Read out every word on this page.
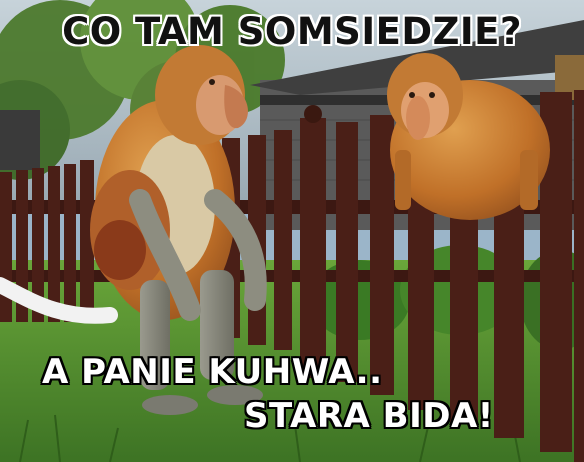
CO TAM SOMSIEDZIE?
A PANIE KUHWA..
STARA BIDA!
